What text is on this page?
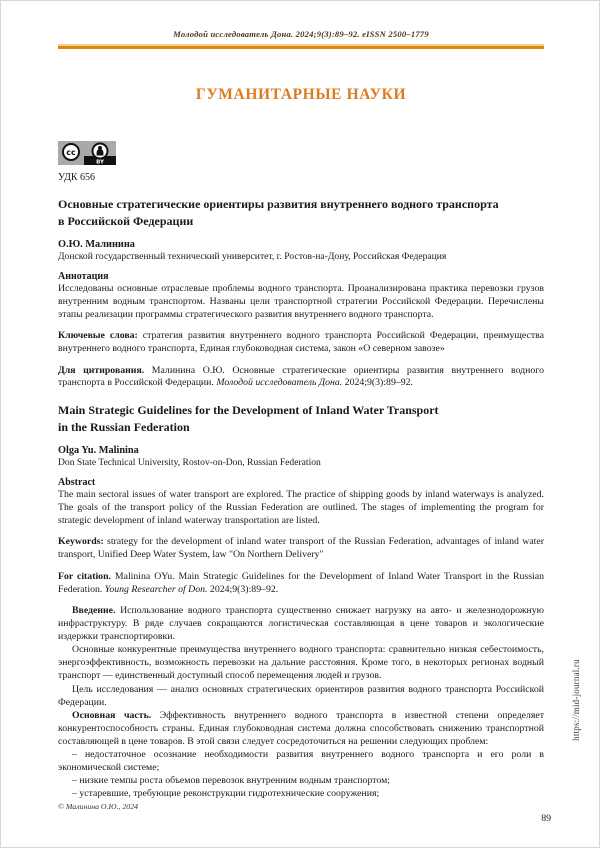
Молодой исследователь Дона. 2024;9(3):89–92. eISSN 2500–1779
ГУМАНИТАРНЫЕ НАУКИ
cc
BY
УДК 656
Основные стратегические ориентиры развития внутреннего водного транспорта
в Российской Федерации
О.Ю. Малинина
Донской государственный технический университет, г. Ростов-на-Дону, Российская Федерация
Аннотация
Исследованы основные отраслевые проблемы водного транспорта. Проанализирована практика перевозки грузов внутренним водным транспортом. Названы цели транспортной стратегии Российской Федерации. Перечислены этапы реализации программы стратегического развития внутреннего водного транспорта.
Ключевые слова: стратегия развития внутреннего водного транспорта Российской Федерации, преимущества внутреннего водного транспорта, Единая глубоководная система, закон «О северном завозе»
Для цитирования. Малинина О.Ю. Основные стратегические ориентиры развития внутреннего водного транспорта в Российской Федерации. Молодой исследователь Дона. 2024;9(3):89–92.
Main Strategic Guidelines for the Development of Inland Water Transport
in the Russian Federation
Olga Yu. Malinina
Don State Technical University, Rostov-on-Don, Russian Federation
Abstract
The main sectoral issues of water transport are explored. The practice of shipping goods by inland waterways is analyzed. The goals of the transport policy of the Russian Federation are outlined. The stages of implementing the program for strategic development of inland waterway transportation are listed.
Keywords: strategy for the development of inland water transport of the Russian Federation, advantages of inland water transport, Unified Deep Water System, law "On Northern Delivery"
For citation. Malinina OYu. Main Strategic Guidelines for the Development of Inland Water Transport in the Russian Federation. Young Researcher of Don. 2024;9(3):89–92.
Введение. Использование водного транспорта существенно снижает нагрузку на авто- и железнодорожную инфраструктуру. В ряде случаев сокращаются логистическая составляющая в цене товаров и экологические издержки транспортировки.
Основные конкурентные преимущества внутреннего водного транспорта: сравнительно низкая себестоимость, энергоэффективность, возможность перевозки на дальние расстояния. Кроме того, в некоторых регионах водный транспорт — единственный доступный способ перемещения людей и грузов.
Цель исследования — анализ основных стратегических ориентиров развития водного транспорта Российской Федерации.
Основная часть. Эффективность внутреннего водного транспорта в известной степени определяет конкурентоспособность страны. Единая глубоководная система должна способствовать снижению транспортной составляющей в цене товаров. В этой связи следует сосредоточиться на решении следующих проблем:
– недостаточное осознание необходимости развития внутреннего водного транспорта и его роли в экономической системе;
– низкие темпы роста объемов перевозок внутренним водным транспортом;
– устаревшие, требующие реконструкции гидротехнические сооружения;
https://mid-journal.ru
© Малинина О.Ю., 2024
89
